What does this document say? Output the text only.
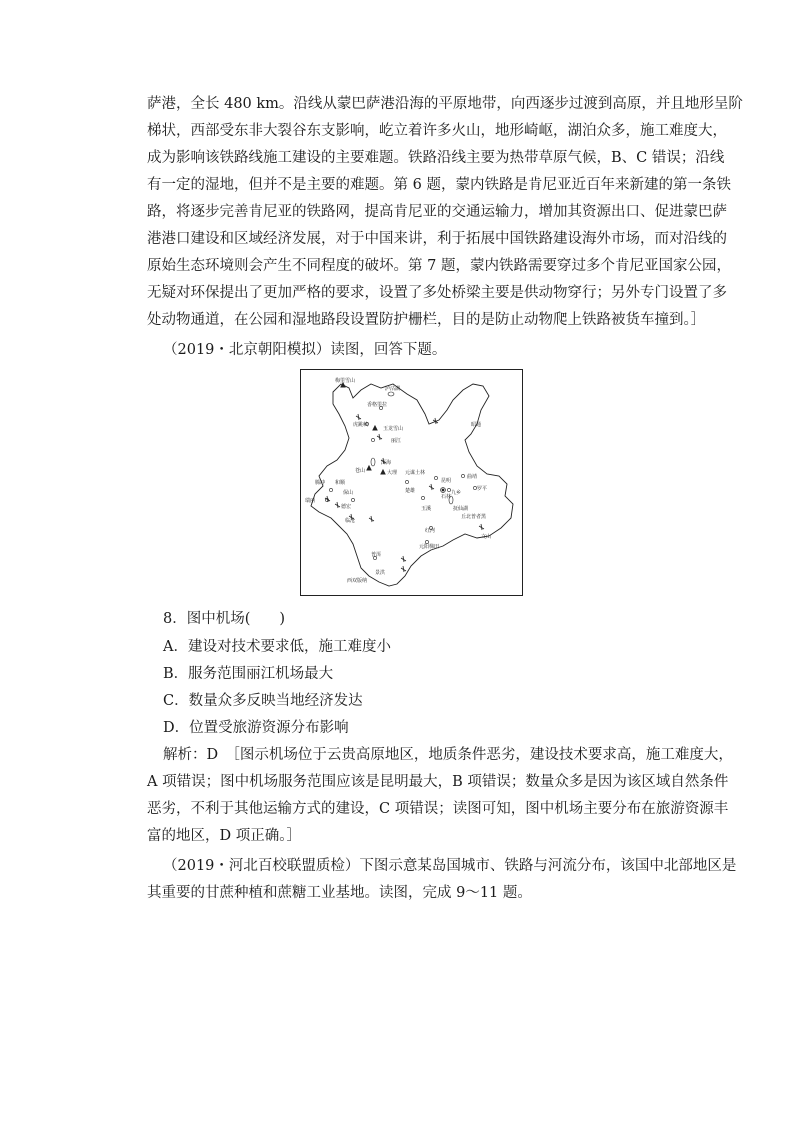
萨港，全长 480 km。沿线从蒙巴萨港沿海的平原地带，向西逐步过渡到高原，并且地形呈阶
梯状，西部受东非大裂谷东支影响，屹立着许多火山，地形崎岖，湖泊众多，施工难度大，
成为影响该铁路线施工建设的主要难题。铁路沿线主要为热带草原气候，B、C 错误；沿线
有一定的湿地，但并不是主要的难题。第 6 题，蒙内铁路是肯尼亚近百年来新建的第一条铁
路，将逐步完善肯尼亚的铁路网，提高肯尼亚的交通运输力，增加其资源出口、促进蒙巴萨
港港口建设和区域经济发展，对于中国来讲，利于拓展中国铁路建设海外市场，而对沿线的
原始生态环境则会产生不同程度的破坏。第 7 题，蒙内铁路需要穿过多个肯尼亚国家公园，
无疑对环保提出了更加严格的要求，设置了多处桥梁主要是供动物穿行；另外专门设置了多
处动物通道，在公园和湿地路段设置防护栅栏，目的是防止动物爬上铁路被货车撞到。］
（2019・北京朝阳模拟）读图，回答下题。
梅里雪山
泸沽湖
香格里拉
虎跳峡
玉龙雪山
丽江
昭通
洱海
苍山	大理 元谋土林
昆明
曲靖
腾冲 和顺
保山	楚雄	九乡
石林
罗平
瑞丽
德宏	玉溪	抚仙湖
丘北普者黑
临沧
红河
文山
元阳梯田
普洱
景洪
西双版纳
8．图中机场(　　)
A．建设对技术要求低，施工难度小
B．服务范围丽江机场最大
C．数量众多反映当地经济发达
D．位置受旅游资源分布影响
解析：D　［图示机场位于云贵高原地区，地质条件恶劣，建设技术要求高，施工难度大，
A 项错误；图中机场服务范围应该是昆明最大，B 项错误；数量众多是因为该区域自然条件
恶劣，不利于其他运输方式的建设，C 项错误；读图可知，图中机场主要分布在旅游资源丰
富的地区，D 项正确。］
（2019・河北百校联盟质检）下图示意某岛国城市、铁路与河流分布，该国中北部地区是
其重要的甘蔗种植和蔗糖工业基地。读图，完成 9～11 题。
